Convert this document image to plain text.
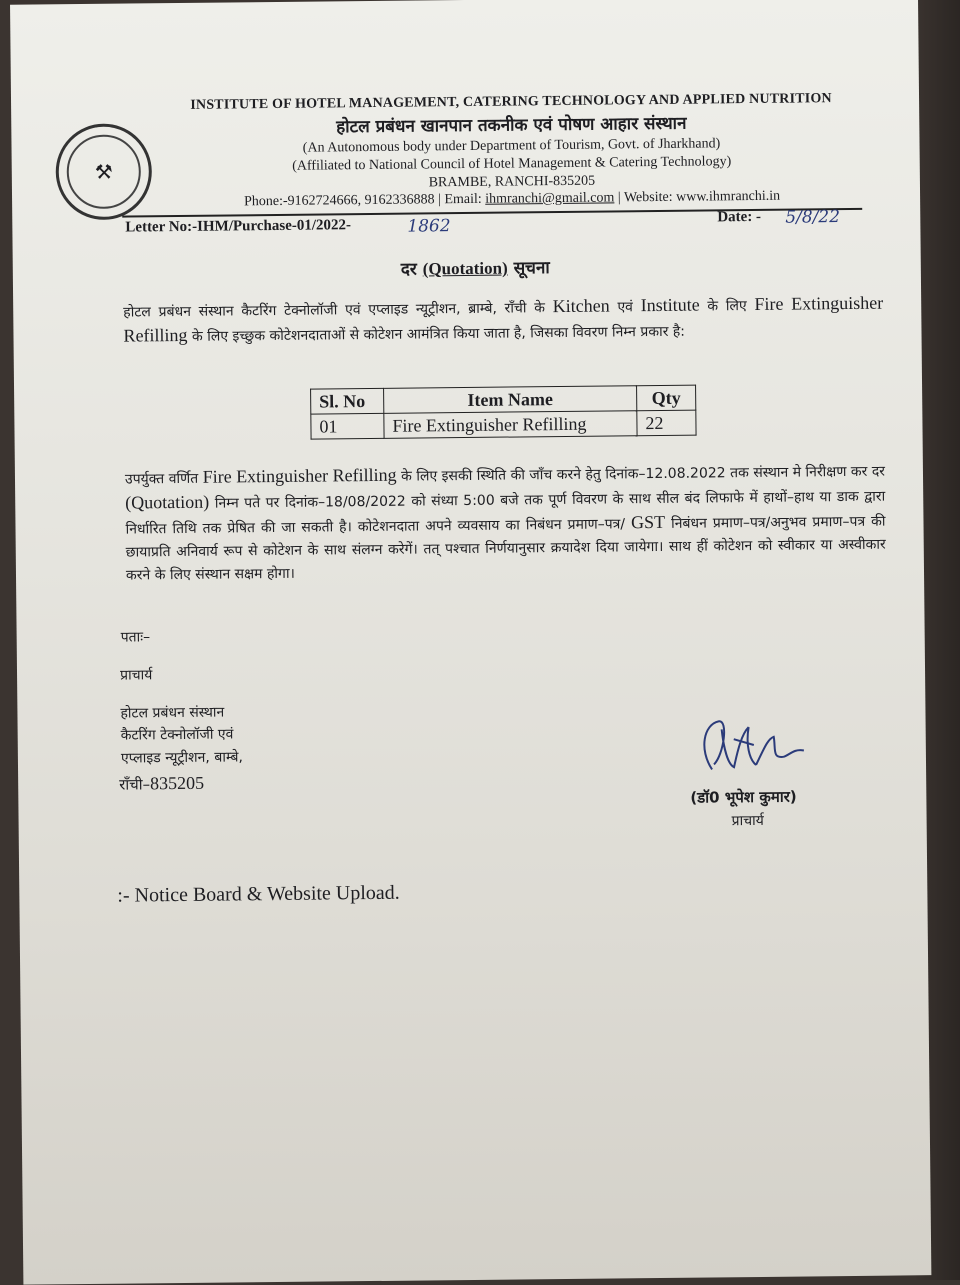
⚒
INSTITUTE OF HOTEL MANAGEMENT, CATERING TECHNOLOGY AND APPLIED NUTRITION
होटल प्रबंधन खानपान तकनीक एवं पोषण आहार संस्थान
(An Autonomous body under Department of Tourism, Govt. of Jharkhand)
(Affiliated to National Council of Hotel Management & Catering Technology)
BRAMBE, RANCHI-835205
Phone:-9162724666, 9162336888 | Email: ihmranchi@gmail.com | Website: www.ihmranchi.in
Letter No:-IHM/Purchase-01/2022-	1862	Date: - 5/8/22
दर (Quotation) सूचना
होटल प्रबंधन संस्थान कैटरिंग टेक्नोलॉजी एवं एप्लाइड न्यूट्रीशन, ब्राम्बे, राँची के Kitchen एवं Institute के लिए Fire Extinguisher Refilling के लिए इच्छुक कोटेशनदाताओं से कोटेशन आमंत्रित किया जाता है, जिसका विवरण निम्न प्रकार है:
Sl. No	Item Name	Qty
01	Fire Extinguisher Refilling	22
उपर्युक्त वर्णित Fire Extinguisher Refilling के लिए इसकी स्थिति की जाँच करने हेतु दिनांक–12.08.2022 तक संस्थान मे निरीक्षण कर दर (Quotation) निम्न पते पर दिनांक–18/08/2022 को संध्या 5:00 बजे तक पूर्ण विवरण के साथ सील बंद लिफाफे में हाथों–हाथ या डाक द्वारा निर्धारित तिथि तक प्रेषित की जा सकती है। कोटेशनदाता अपने व्यवसाय का निबंधन प्रमाण–पत्र/ GST निबंधन प्रमाण–पत्र/अनुभव प्रमाण–पत्र की छायाप्रति अनिवार्य रूप से कोटेशन के साथ संलग्न करेगें। तत् पश्चात निर्णयानुसार क्रयादेश दिया जायेगा। साथ हीं कोटेशन को स्वीकार या अस्वीकार करने के लिए संस्थान सक्षम होगा।
पताः–
प्राचार्य
होटल प्रबंधन संस्थान
कैटरिंग टेक्नोलॉजी एवं
एप्लाइड न्यूट्रीशन, बाम्बे,
राँची–835205
(डॉ0 भूपेश कुमार)
प्राचार्य
:- Notice Board & Website Upload.
